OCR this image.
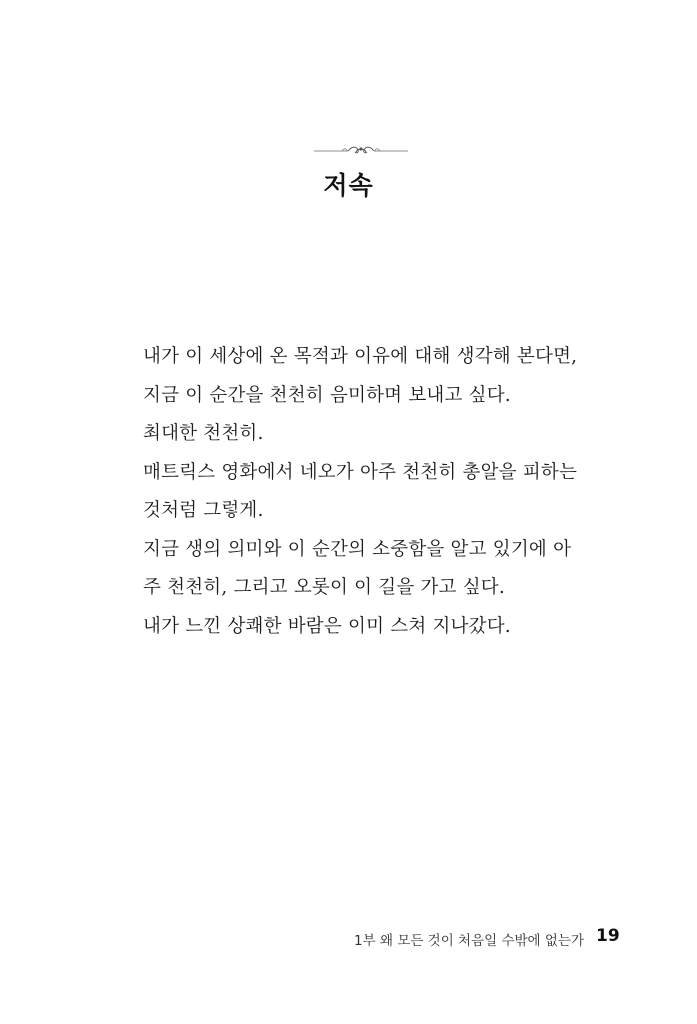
저속
내가 이 세상에 온 목적과 이유에 대해 생각해 본다면,
지금 이 순간을 천천히 음미하며 보내고 싶다.
최대한 천천히.
매트릭스 영화에서 네오가 아주 천천히 총알을 피하는
것처럼 그렇게.
지금 생의 의미와 이 순간의 소중함을 알고 있기에 아
주 천천히, 그리고 오롯이 이 길을 가고 싶다.
내가 느낀 상쾌한 바람은 이미 스쳐 지나갔다.
1부 왜 모든 것이 처음일 수밖에 없는가 19
